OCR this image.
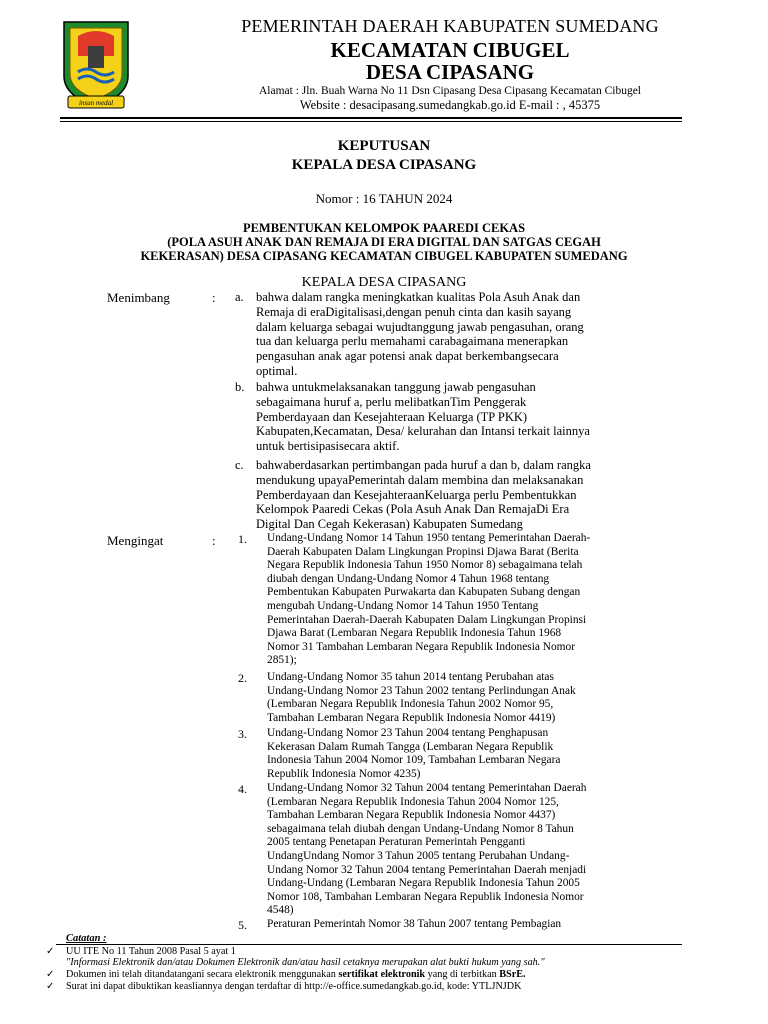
insun medal
PEMERINTAH DAERAH KABUPATEN SUMEDANG
KECAMATAN CIBUGEL
DESA CIPASANG
Alamat : Jln. Buah Warna No 11 Dsn Cipasang Desa Cipasang Kecamatan Cibugel
Website : desacipasang.sumedangkab.go.id E-mail : , 45375
KEPUTUSAN
KEPALA DESA CIPASANG
Nomor : 16 TAHUN 2024
PEMBENTUKAN KELOMPOK PAAREDI CEKAS
(POLA ASUH ANAK DAN REMAJA DI ERA DIGITAL DAN SATGAS CEGAH
KEKERASAN) DESA CIPASANG KECAMATAN CIBUGEL KABUPATEN SUMEDANG
KEPALA DESA CIPASANG
Menimbang	: a.
b.
c.
bahwa dalam rangka meningkatkan kualitas Pola Asuh Anak dan
Remaja di eraDigitalisasi,dengan penuh cinta dan kasih sayang
dalam keluarga sebagai wujudtanggung jawab pengasuhan, orang
tua dan keluarga perlu memahami carabagaimana menerapkan
pengasuhan anak agar potensi anak dapat berkembangsecara
optimal.
bahwa untukmelaksanakan tanggung jawab pengasuhan
sebagaimana huruf a, perlu melibatkanTim Penggerak
Pemberdayaan dan Kesejahteraan Keluarga (TP PKK)
Kabupaten,Kecamatan, Desa/ kelurahan dan Intansi terkait lainnya
untuk bertisipasisecara aktif.
bahwaberdasarkan pertimbangan pada huruf a dan b, dalam rangka
mendukung upayaPemerintah dalam membina dan melaksanakan
Pemberdayaan dan KesejahteraanKeluarga perlu Pembentukkan
Kelompok Paaredi Cekas (Pola Asuh Anak Dan RemajaDi Era
Digital Dan Cegah Kekerasan) Kabupaten Sumedang
Mengingat	: 1. Undang-Undang Nomor 14 Tahun 1950 tentang Pemerintahan Daerah-
Daerah Kabupaten Dalam Lingkungan Propinsi Djawa Barat (Berita
Negara Republik Indonesia Tahun 1950 Nomor 8) sebagaimana telah
diubah dengan Undang-Undang Nomor 4 Tahun 1968 tentang
Pembentukan Kabupaten Purwakarta dan Kabupaten Subang dengan
mengubah Undang-Undang Nomor 14 Tahun 1950 Tentang
Pemerintahan Daerah-Daerah Kabupaten Dalam Lingkungan Propinsi
Djawa Barat (Lembaran Negara Republik Indonesia Tahun 1968
Nomor 31 Tambahan Lembaran Negara Republik Indonesia Nomor
2851);
2. Undang-Undang Nomor 35 tahun 2014 tentang Perubahan atas
Undang-Undang Nomor 23 Tahun 2002 tentang Perlindungan Anak
(Lembaran Negara Republik Indonesia Tahun 2002 Nomor 95,
Tambahan Lembaran Negara Republik Indonesia Nomor 4419)
3. Undang-Undang Nomor 23 Tahun 2004 tentang Penghapusan
Kekerasan Dalam Rumah Tangga (Lembaran Negara Republik
Indonesia Tahun 2004 Nomor 109, Tambahan Lembaran Negara
Republik Indonesia Nomor 4235)
4. Undang-Undang Nomor 32 Tahun 2004 tentang Pemerintahan Daerah
(Lembaran Negara Republik Indonesia Tahun 2004 Nomor 125,
Tambahan Lembaran Negara Republik Indonesia Nomor 4437)
sebagaimana telah diubah dengan Undang-Undang Nomor 8 Tahun
2005 tentang Penetapan Peraturan Pemerintah Pengganti
UndangUndang Nomor 3 Tahun 2005 tentang Perubahan Undang-
Undang Nomor 32 Tahun 2004 tentang Pemerintahan Daerah menjadi
Undang-Undang (Lembaran Negara Republik Indonesia Tahun 2005
Nomor 108, Tambahan Lembaran Negara Republik Indonesia Nomor
4548)
5. Peraturan Pemerintah Nomor 38 Tahun 2007 tentang Pembagian
Catatan :
✓ UU ITE No 11 Tahun 2008 Pasal 5 ayat 1
"Informasi Elektronik dan/atau Dokumen Elektronik dan/atau hasil cetaknya merupakan alat bukti hukum yang sah."
✓ Dokumen ini telah ditandatangani secara elektronik menggunakan sertifikat elektronik yang di terbitkan BSrE.
✓ Surat ini dapat dibuktikan keasliannya dengan terdaftar di http://e-office.sumedangkab.go.id, kode: YTLJNJDK
